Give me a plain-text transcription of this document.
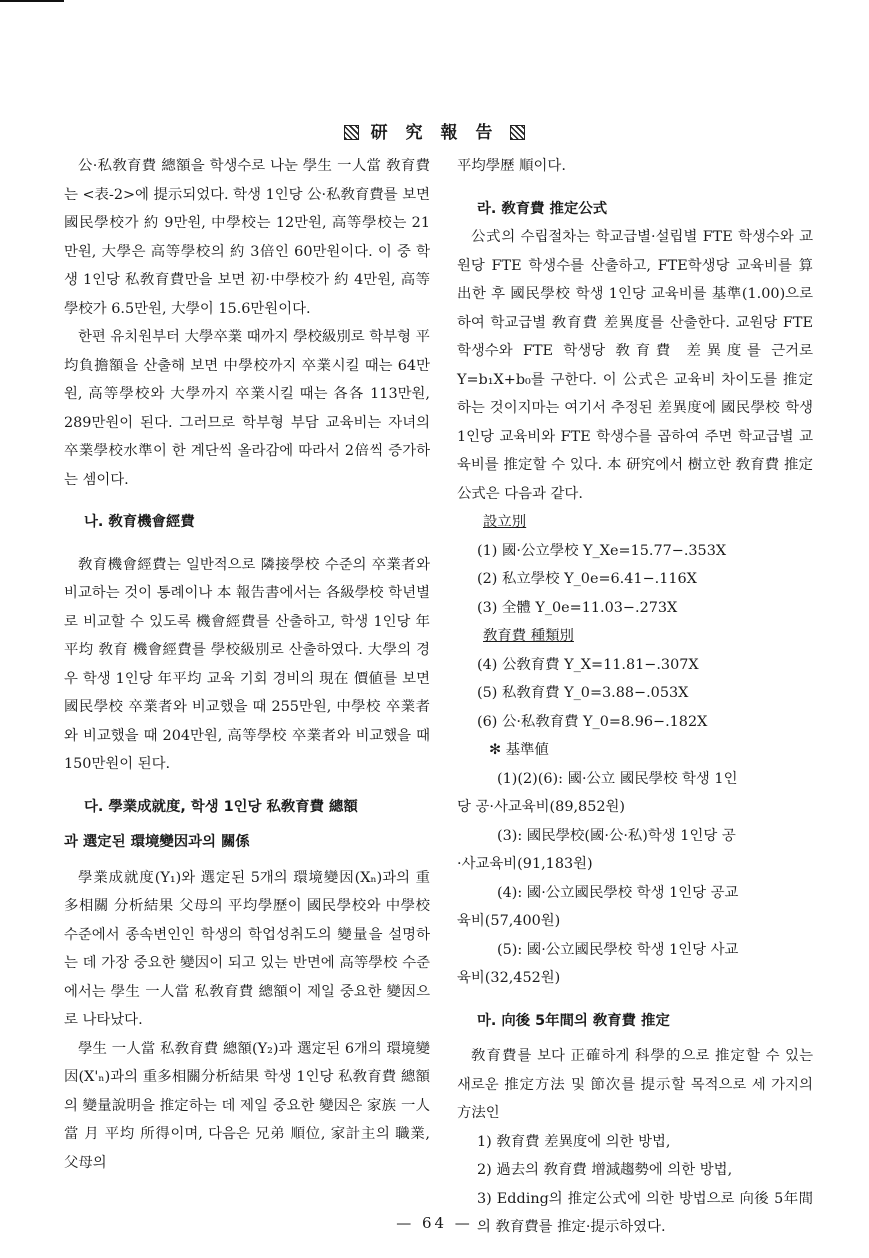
研 究 報 告

公·私敎育費 總額을 학생수로 나눈 學生 一人當 敎育費는 <表-2>에 提示되었다. 학생 1인당 公·私敎育費를 보면 國民學校가 約 9만원, 中學校는 12만원, 高等學校는 21만원, 大學은 高等學校의 約 3倍인 60만원이다. 이 중 학생 1인당 私敎育費만을 보면 初·中學校가 約 4만원, 高等學校가 6.5만원, 大學이 15.6만원이다.

한편 유치원부터 大學卒業 때까지 學校級別로 학부형 平均負擔額을 산출해 보면 中學校까지 卒業시킬 때는 64만원, 高等學校와 大學까지 卒業시킬 때는 各各 113만원, 289만원이 된다. 그러므로 학부형 부담 교육비는 자녀의 卒業學校水準이 한 계단씩 올라감에 따라서 2倍씩 증가하는 셈이다.

나. 敎育機會經費

敎育機會經費는 일반적으로 隣接學校 수준의 卒業者와 비교하는 것이 통례이나 本 報告書에서는 各級學校 학년별로 비교할 수 있도록 機會經費를 산출하고, 학생 1인당 年平均 敎育 機會經費를 學校級別로 산출하였다. 大學의 경우 학생 1인당 年平均 교육 기회 경비의 現在 價値를 보면 國民學校 卒業者와 비교했을 때 255만원, 中學校 卒業者와 비교했을 때 204만원, 高等學校 卒業者와 비교했을 때 150만원이 된다.

다. 學業成就度, 학생 1인당 私敎育費 總額
과 選定된 環境變因과의 關係

學業成就度(Y₁)와 選定된 5개의 環境變因(Xₙ)과의 重多相關 分析結果 父母의 平均學歷이 國民學校와 中學校 수준에서 종속변인인 학생의 학업성취도의 變量을 설명하는 데 가장 중요한 變因이 되고 있는 반면에 高等學校 수준에서는 學生 一人當 私敎育費 總額이 제일 중요한 變因으로 나타났다.

學生 一人當 私敎育費 總額(Y₂)과 選定된 6개의 環境變因(X'ₙ)과의 重多相關分析結果 학생 1인당 私敎育費 總額의 變量說明을 推定하는 데 제일 중요한 變因은 家族 一人當 月 平均 所得이며, 다음은 兄弟 順位, 家計主의 職業, 父母의

平均學歷 順이다.

라. 敎育費 推定公式

公式의 수립절차는 학교급별·설립별 FTE 학생수와 교원당 FTE 학생수를 산출하고, FTE학생당 교육비를 算出한 후 國民學校 학생 1인당 교육비를 基準(1.00)으로 하여 학교급별 敎育費 差異度를 산출한다. 교원당 FTE 학생수와 FTE 학생당 敎育費 差異度를 근거로 Y=b₁X+b₀를 구한다. 이 公式은 교육비 차이도를 推定하는 것이지마는 여기서 추정된 差異度에 國民學校 학생 1인당 교육비와 FTE 학생수를 곱하여 주면 학교급별 교육비를 推定할 수 있다. 本 研究에서 樹立한 敎育費 推定公式은 다음과 같다.

設立別
(1) 國·公立學校 Y_Xe=15.77−.353X
(2) 私立學校 Y_0e=6.41−.116X
(3) 全體 Y_0e=11.03−.273X
敎育費 種類別
(4) 公敎育費 Y_X=11.81−.307X
(5) 私敎育費 Y_0=3.88−.053X
(6) 公·私敎育費 Y_0=8.96−.182X
✻ 基準値
(1)(2)(6): 國·公立 國民學校 학생 1인
당 공·사교육비(89,852원)
(3): 國民學校(國·公·私)학생 1인당 공
·사교육비(91,183원)
(4): 國·公立國民學校 학생 1인당 공교
육비(57,400원)
(5): 國·公立國民學校 학생 1인당 사교
육비(32,452원)
마. 向後 5年間의 敎育費 推定

敎育費를 보다 正確하게 科學的으로 推定할 수 있는 새로운 推定方法 및 節次를 提示할 목적으로 세 가지의 方法인

1) 敎育費 差異度에 의한 방법,
2) 過去의 敎育費 增減趨勢에 의한 방법,
3) Edding의 推定公式에 의한 방법으로 向後 5年間의 敎育費를 推定·提示하였다.
— 64 —
